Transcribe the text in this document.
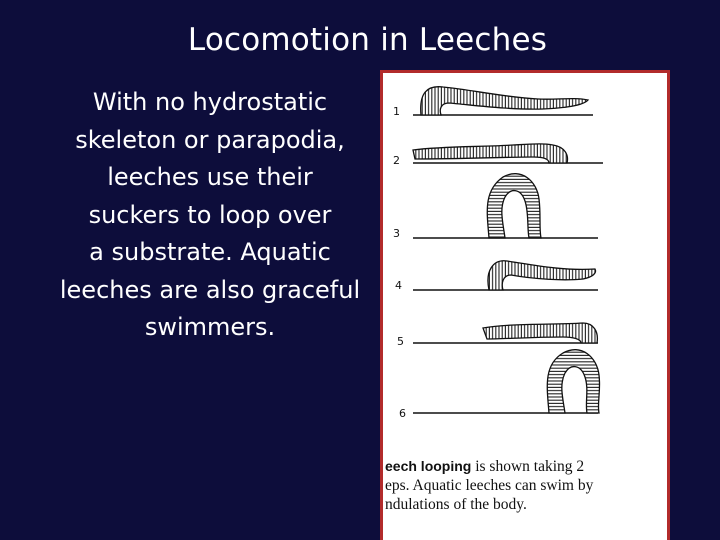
Locomotion in Leeches
With no hydrostatic
skeleton or parapodia,
leeches use their
suckers to loop over
a substrate. Aquatic
leeches are also graceful
swimmers.
1
2
3
4
5
6
eech looping is shown taking 2
eps. Aquatic leeches can swim by
ndulations of the body.
